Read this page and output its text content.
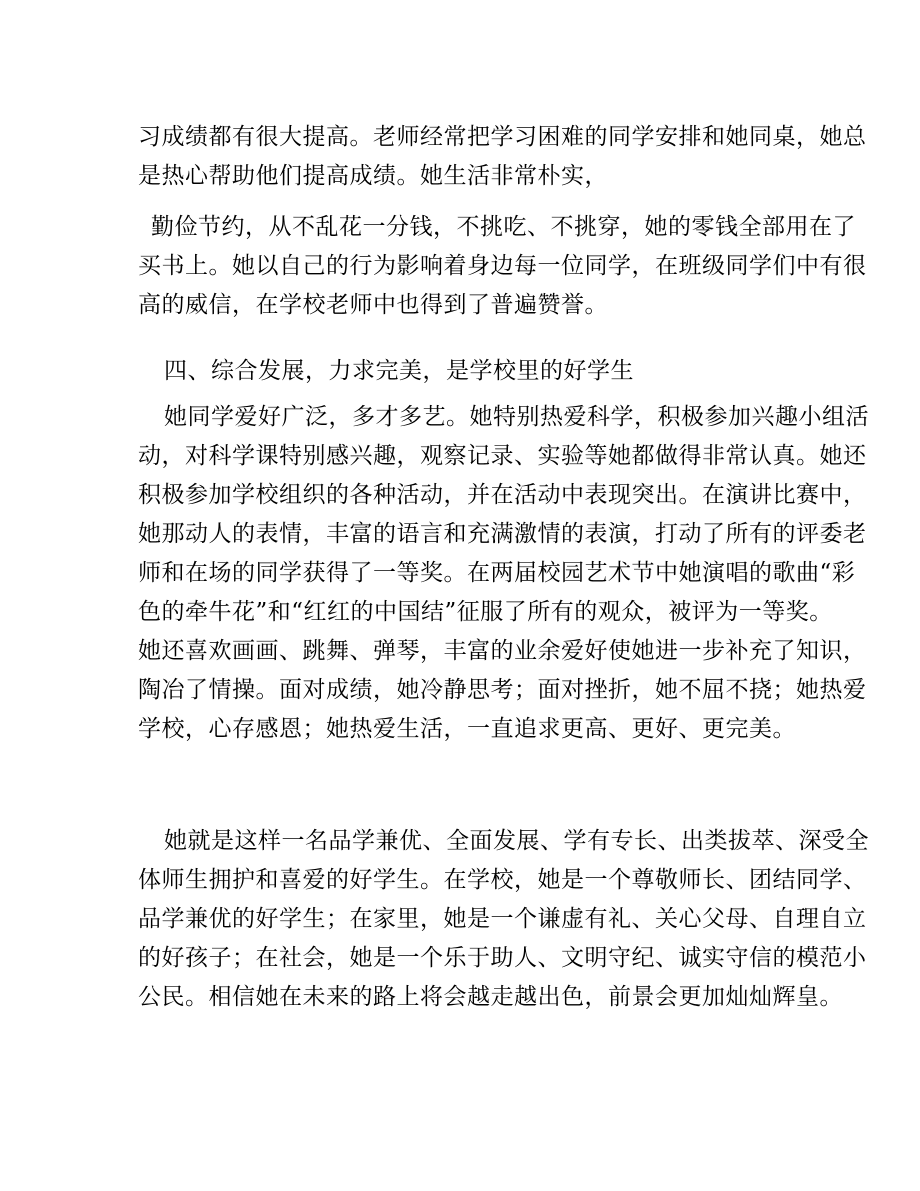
习成绩都有很大提高。老师经常把学习困难的同学安排和她同桌，她总
是热心帮助他们提高成绩。她生活非常朴实，
勤俭节约，从不乱花一分钱，不挑吃、不挑穿，她的零钱全部用在了
买书上。她以自己的行为影响着身边每一位同学，在班级同学们中有很
高的威信，在学校老师中也得到了普遍赞誉。
四、综合发展，力求完美，是学校里的好学生
她同学爱好广泛，多才多艺。她特别热爱科学，积极参加兴趣小组活
动，对科学课特别感兴趣，观察记录、实验等她都做得非常认真。她还
积极参加学校组织的各种活动，并在活动中表现突出。在演讲比赛中，
她那动人的表情，丰富的语言和充满激情的表演，打动了所有的评委老
师和在场的同学获得了一等奖。在两届校园艺术节中她演唱的歌曲“彩
色的牵牛花”和“红红的中国结”征服了所有的观众，被评为一等奖。
她还喜欢画画、跳舞、弹琴，丰富的业余爱好使她进一步补充了知识，
陶冶了情操。面对成绩，她冷静思考；面对挫折，她不屈不挠；她热爱
学校，心存感恩；她热爱生活，一直追求更高、更好、更完美。
她就是这样一名品学兼优、全面发展、学有专长、出类拔萃、深受全
体师生拥护和喜爱的好学生。在学校，她是一个尊敬师长、团结同学、
品学兼优的好学生；在家里，她是一个谦虚有礼、关心父母、自理自立
的好孩子；在社会，她是一个乐于助人、文明守纪、诚实守信的模范小
公民。相信她在未来的路上将会越走越出色，前景会更加灿灿辉皇。
